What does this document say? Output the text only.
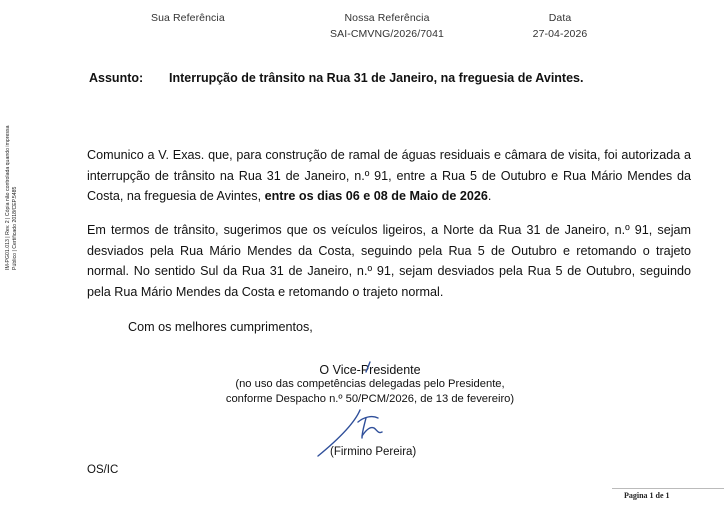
Sua Referência	Nossa Referência
SAI-CMVNG/2026/7041
Data
27-04-2026
IM-PG01.013 | Rev. 2 | Cópia não controlada quando impressa Público | Certificado 2018/CEP.5485
Assunto: Interrupção de trânsito na Rua 31 de Janeiro, na freguesia de Avintes.
Comunico a V. Exas. que, para construção de ramal de águas residuais e câmara de visita, foi autorizada a interrupção de trânsito na Rua 31 de Janeiro, n.º 91, entre a Rua 5 de Outubro e Rua Mário Mendes da Costa, na freguesia de Avintes, entre os dias 06 e 08 de Maio de 2026.
Em termos de trânsito, sugerimos que os veículos ligeiros, a Norte da Rua 31 de Janeiro, n.º 91, sejam desviados pela Rua Mário Mendes da Costa, seguindo pela Rua 5 de Outubro e retomando o trajeto normal. No sentido Sul da Rua 31 de Janeiro, n.º 91, sejam desviados pela Rua 5 de Outubro, seguindo pela Rua Mário Mendes da Costa e retomando o trajeto normal.
Com os melhores cumprimentos,
O Vice-Presidente
(no uso das competências delegadas pelo Presidente,
conforme Despacho n.º 50/PCM/2026, de 13 de fevereiro)
(Firmino Pereira)
OS/IC
Pagina 1 de 1
